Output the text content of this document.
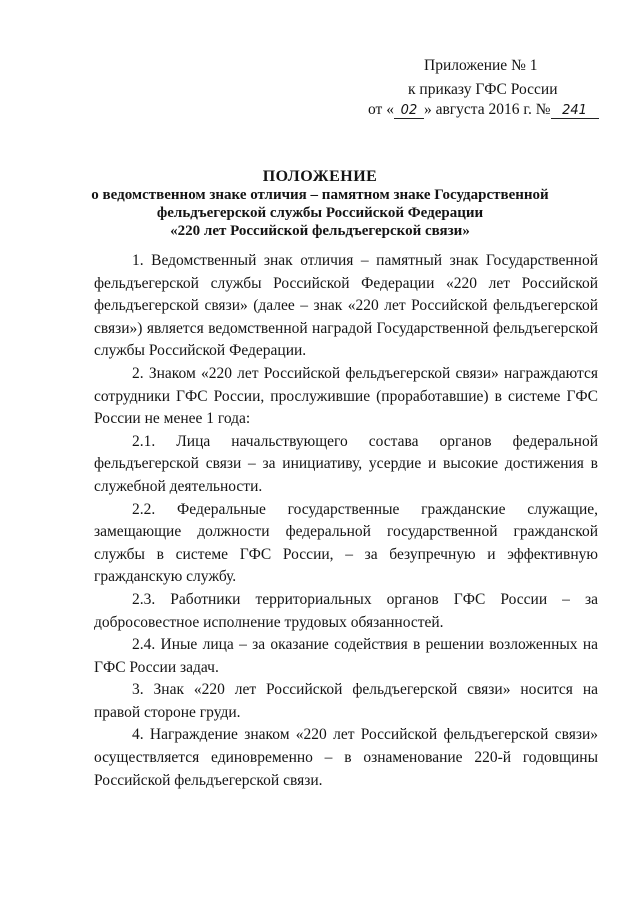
Приложение № 1
к приказу ГФС России
от « 02 » августа 2016 г. № 241
ПОЛОЖЕНИЕ
о ведомственном знаке отличия – памятном знаке Государственной
фельдъегерской службы Российской Федерации
«220 лет Российской фельдъегерской связи»

1. Ведомственный знак отличия – памятный знак Государственной фельдъегерской службы Российской Федерации «220 лет Российской фельдъегерской связи» (далее – знак «220 лет Российской фельдъегерской связи») является ведомственной наградой Государственной фельдъегерской службы Российской Федерации.

2. Знаком «220 лет Российской фельдъегерской связи» награждаются сотрудники ГФС России, прослужившие (проработавшие) в системе ГФС России не менее 1 года:

2.1. Лица начальствующего состава органов федеральной фельдъегерской связи – за инициативу, усердие и высокие достижения в служебной деятельности.

2.2. Федеральные государственные гражданские служащие, замещающие должности федеральной государственной гражданской службы в системе ГФС России, – за безупречную и эффективную гражданскую службу.

2.3. Работники территориальных органов ГФС России – за добросовестное исполнение трудовых обязанностей.

2.4. Иные лица – за оказание содействия в решении возложенных на ГФС России задач.

3. Знак «220 лет Российской фельдъегерской связи» носится на правой стороне груди.

4. Награждение знаком «220 лет Российской фельдъегерской связи» осуществляется единовременно – в ознаменование 220-й годовщины Российской фельдъегерской связи.
